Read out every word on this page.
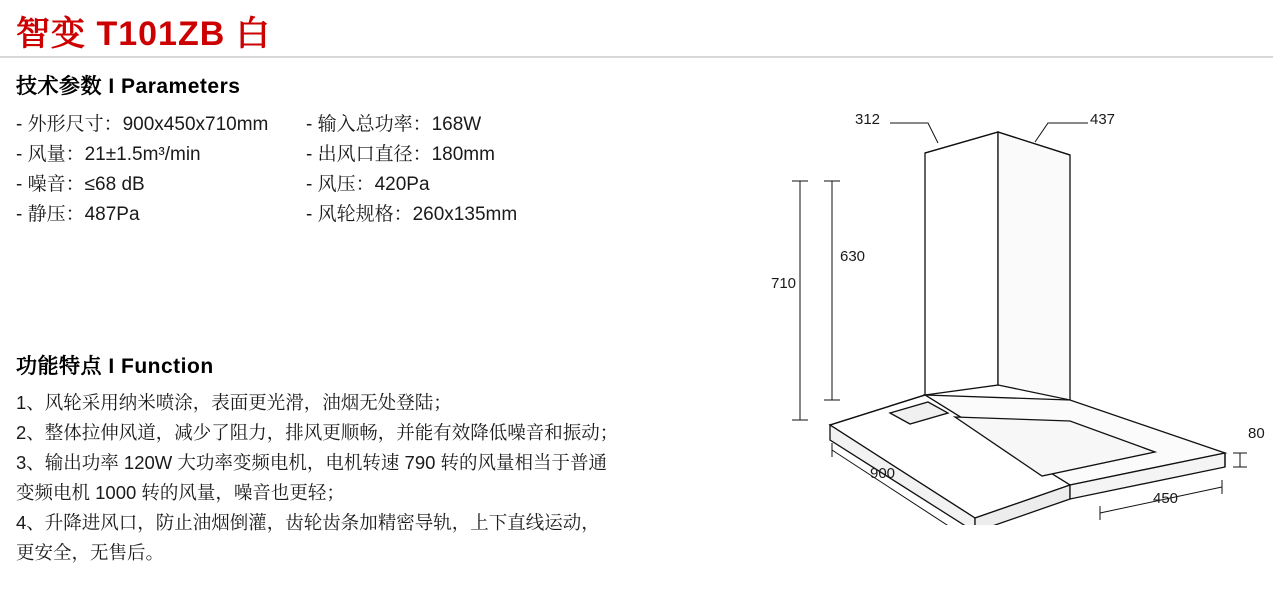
智变 T101ZB 白
技术参数 I Parameters
- 外形尺寸：900x450x710mm
- 风量：21±1.5m³/min
- 噪音：≤68 dB
- 静压：487Pa
- 输入总功率：168W
- 出风口直径：180mm
- 风压：420Pa
- 风轮规格：260x135mm
功能特点 I Function
1、风轮采用纳米喷涂，表面更光滑，油烟无处登陆；
2、整体拉伸风道，减少了阻力，排风更顺畅，并能有效降低噪音和振动；
3、输出功率 120W 大功率变频电机，电机转速 790 转的风量相当于普通
变频电机 1000 转的风量，噪音也更轻；
4、升降进风口，防止油烟倒灌，齿轮齿条加精密导轨，上下直线运动，
更安全，无售后。
312	437
630
710
80
900
450
